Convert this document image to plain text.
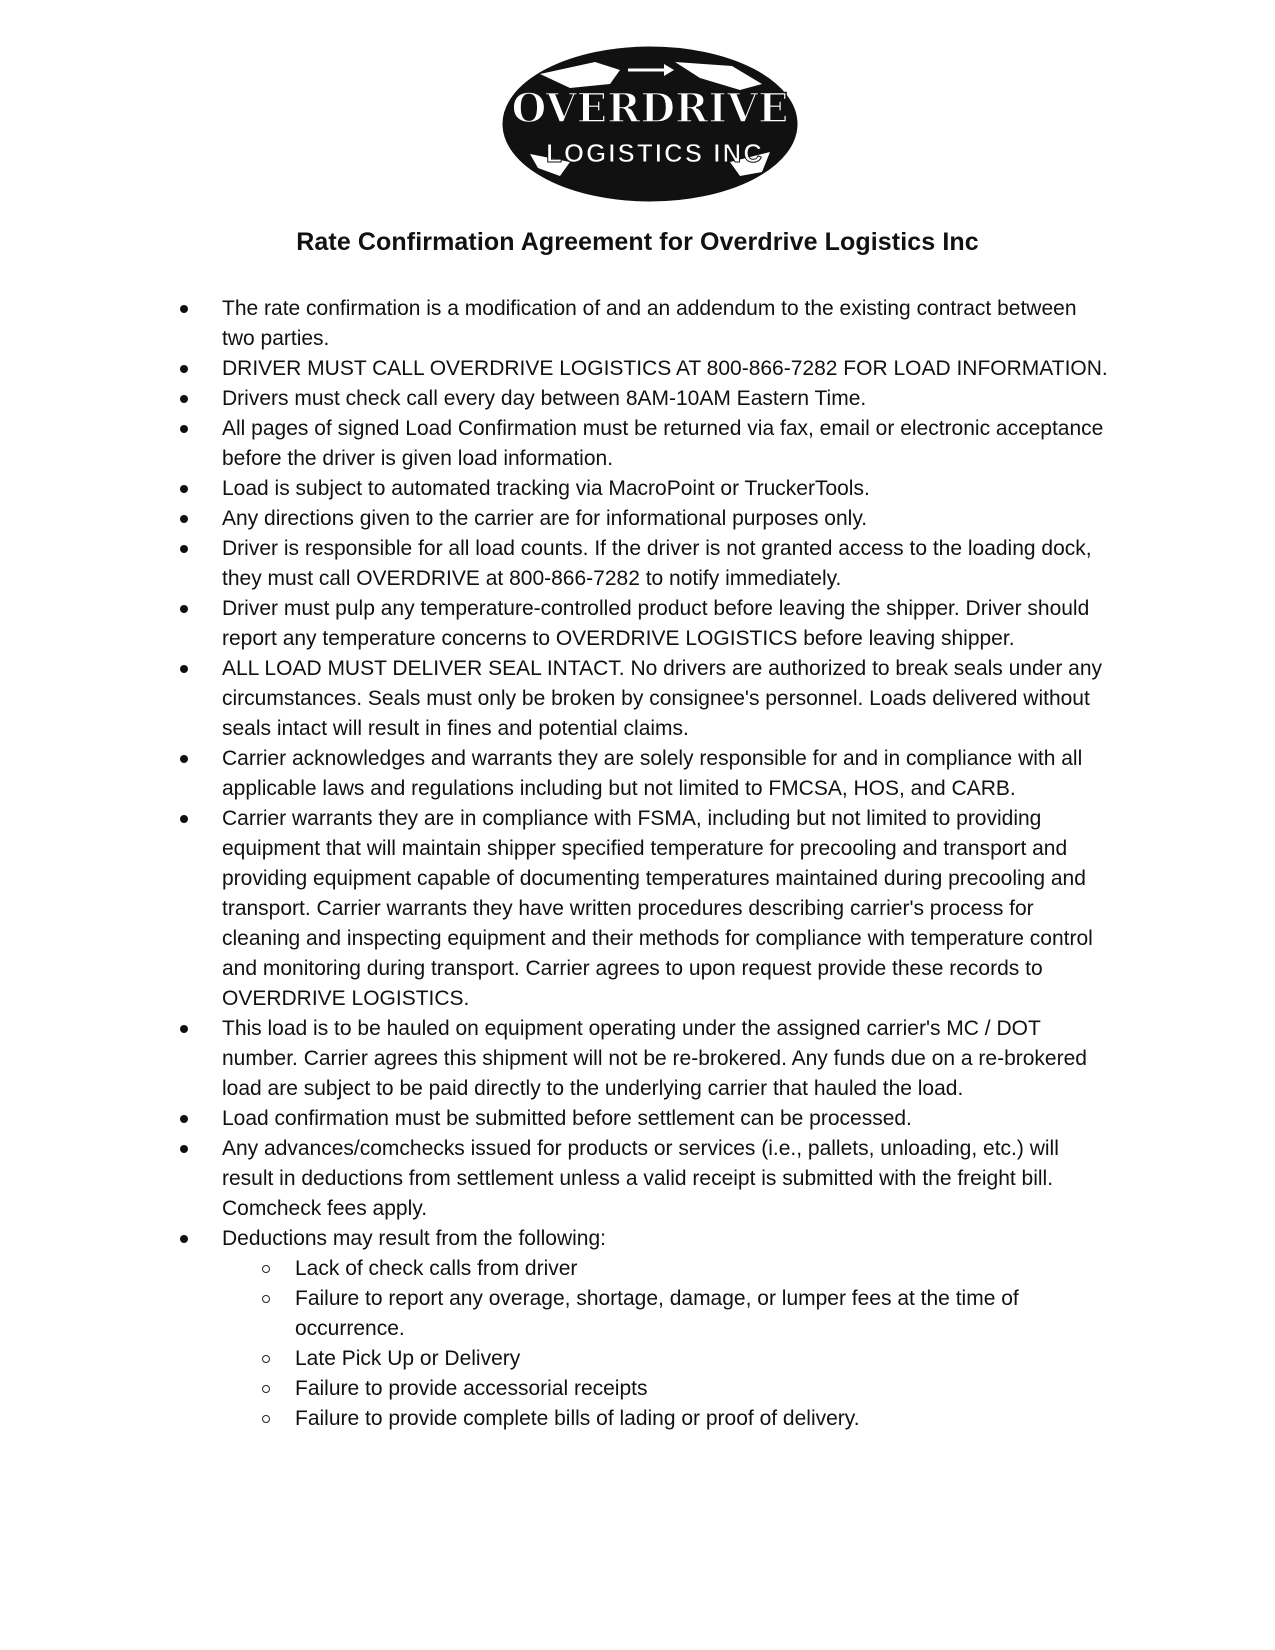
OVERDRIVE
LOGISTICS INC
Rate Confirmation Agreement for Overdrive Logistics Inc
The rate confirmation is a modification of and an addendum to the existing contract between two parties.
DRIVER MUST CALL OVERDRIVE LOGISTICS AT 800-866-7282 FOR LOAD INFORMATION.
Drivers must check call every day between 8AM-10AM Eastern Time.
All pages of signed Load Confirmation must be returned via fax, email or electronic acceptance before the driver is given load information.
Load is subject to automated tracking via MacroPoint or TruckerTools.
Any directions given to the carrier are for informational purposes only.
Driver is responsible for all load counts. If the driver is not granted access to the loading dock, they must call OVERDRIVE at 800-866-7282 to notify immediately.
Driver must pulp any temperature-controlled product before leaving the shipper. Driver should report any temperature concerns to OVERDRIVE LOGISTICS before leaving shipper.
ALL LOAD MUST DELIVER SEAL INTACT. No drivers are authorized to break seals under any circumstances. Seals must only be broken by consignee's personnel. Loads delivered without seals intact will result in fines and potential claims.
Carrier acknowledges and warrants they are solely responsible for and in compliance with all applicable laws and regulations including but not limited to FMCSA, HOS, and CARB.
Carrier warrants they are in compliance with FSMA, including but not limited to providing equipment that will maintain shipper specified temperature for precooling and transport and providing equipment capable of documenting temperatures maintained during precooling and transport. Carrier warrants they have written procedures describing carrier's process for cleaning and inspecting equipment and their methods for compliance with temperature control and monitoring during transport. Carrier agrees to upon request provide these records to OVERDRIVE LOGISTICS.
This load is to be hauled on equipment operating under the assigned carrier's MC / DOT number. Carrier agrees this shipment will not be re-brokered. Any funds due on a re-brokered load are subject to be paid directly to the underlying carrier that hauled the load.
Load confirmation must be submitted before settlement can be processed.
Any advances/comchecks issued for products or services (i.e., pallets, unloading, etc.) will result in deductions from settlement unless a valid receipt is submitted with the freight bill. Comcheck fees apply.
Deductions may result from the following:
Lack of check calls from driver
Failure to report any overage, shortage, damage, or lumper fees at the time of occurrence.
Late Pick Up or Delivery
Failure to provide accessorial receipts
Failure to provide complete bills of lading or proof of delivery.
